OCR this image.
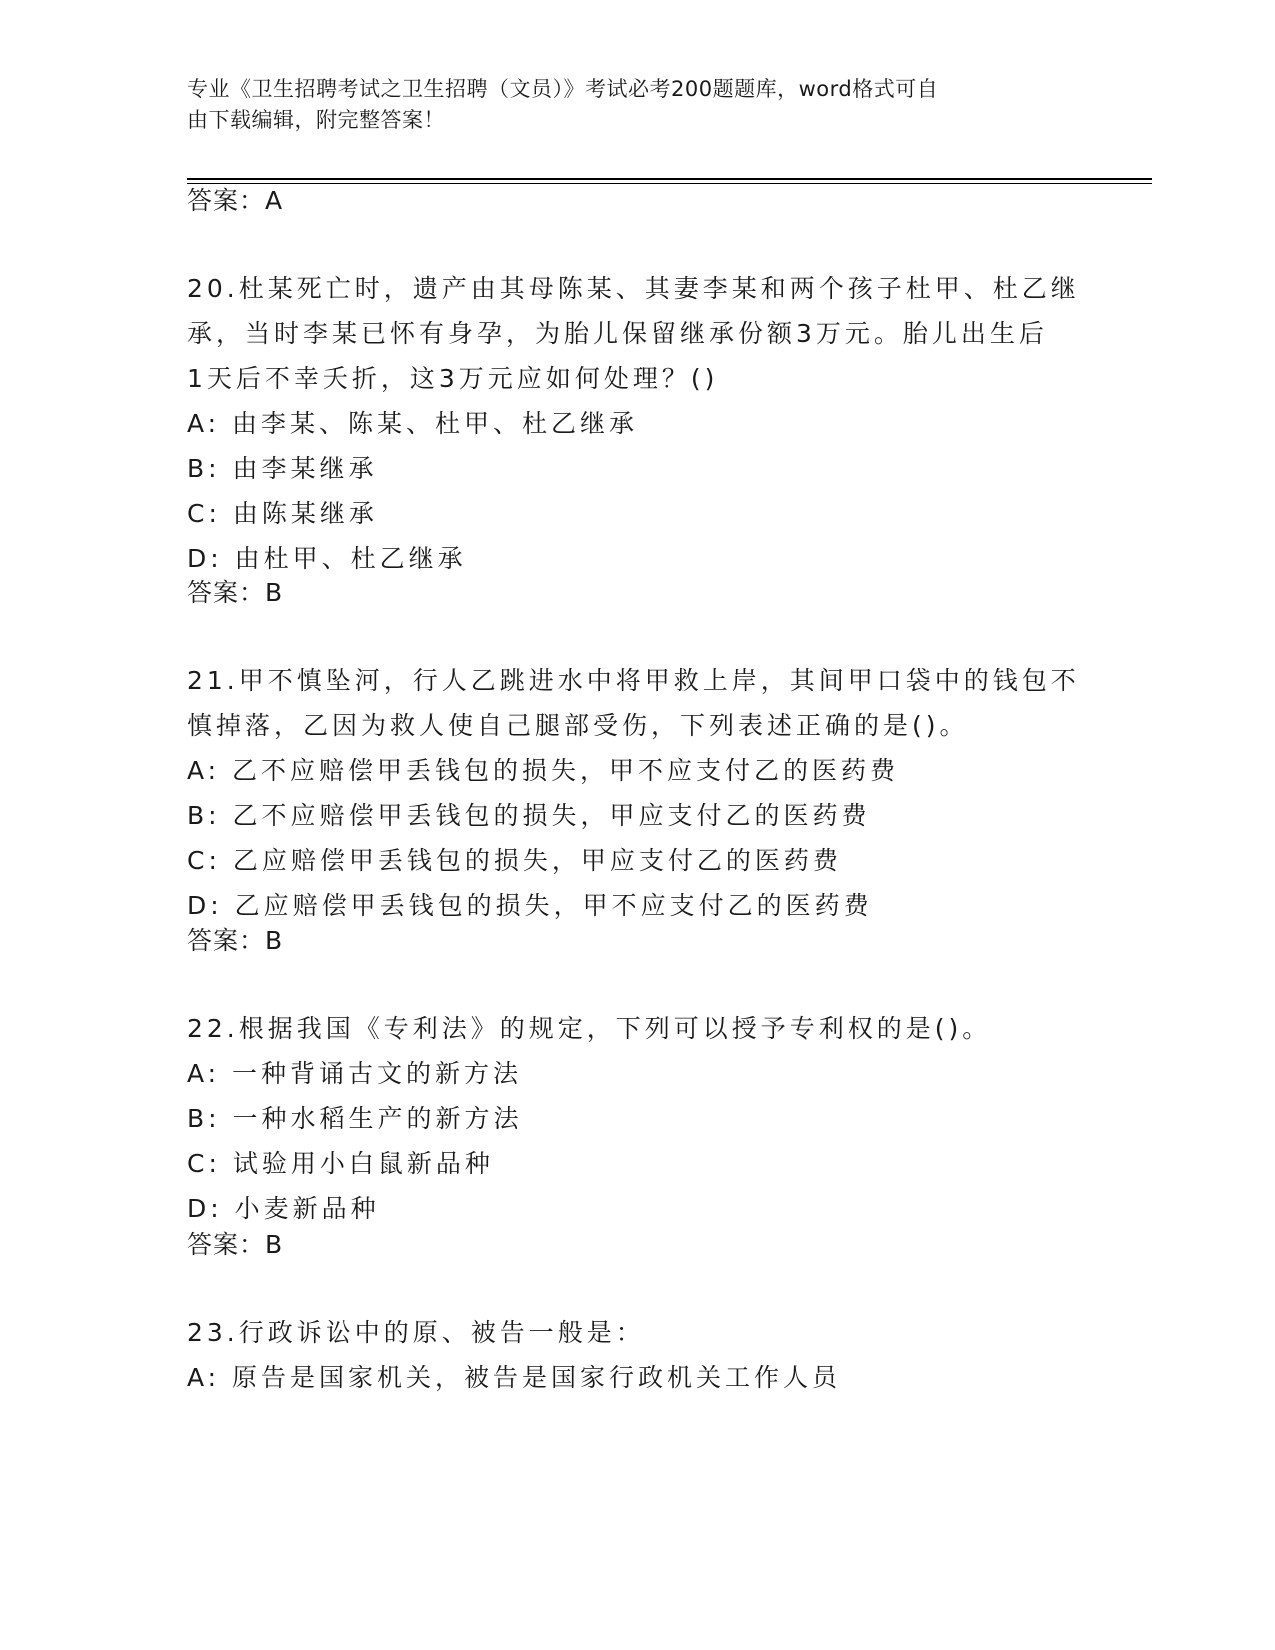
专业《卫生招聘考试之卫生招聘（文员）》考试必考200题题库，word格式可自
由下载编辑，附完整答案！
答案：A

20.杜某死亡时，遗产由其母陈某、其妻李某和两个孩子杜甲、杜乙继

承，当时李某已怀有身孕，为胎儿保留继承份额3万元。胎儿出生后

1天后不幸夭折，这3万元应如何处理？()

A: 由李某、陈某、杜甲、杜乙继承

B: 由李某继承

C: 由陈某继承

D: 由杜甲、杜乙继承

答案：B

21.甲不慎坠河，行人乙跳进水中将甲救上岸，其间甲口袋中的钱包不

慎掉落，乙因为救人使自己腿部受伤，下列表述正确的是()。

A: 乙不应赔偿甲丢钱包的损失，甲不应支付乙的医药费

B: 乙不应赔偿甲丢钱包的损失，甲应支付乙的医药费

C: 乙应赔偿甲丢钱包的损失，甲应支付乙的医药费

D: 乙应赔偿甲丢钱包的损失，甲不应支付乙的医药费

答案：B

22.根据我国《专利法》的规定，下列可以授予专利权的是()。

A: 一种背诵古文的新方法

B: 一种水稻生产的新方法

C: 试验用小白鼠新品种

D: 小麦新品种

答案：B

23.行政诉讼中的原、被告一般是：

A: 原告是国家机关，被告是国家行政机关工作人员
